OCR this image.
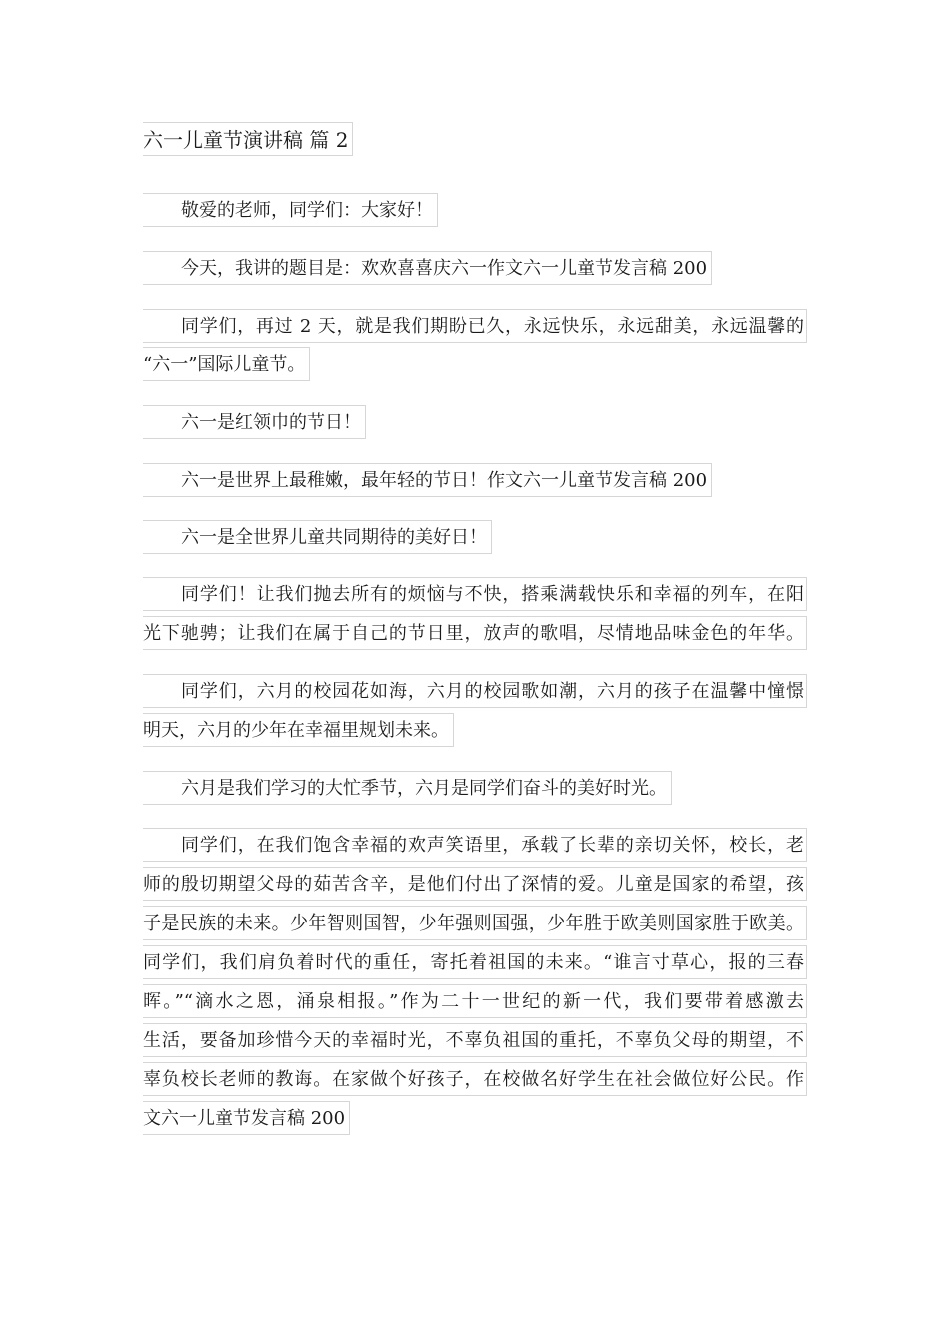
六一儿童节演讲稿 篇 2
敬爱的老师，同学们：大家好！
今天，我讲的题目是：欢欢喜喜庆六一作文六一儿童节发言稿 200
同学们，再过 2 天，就是我们期盼已久，永远快乐，永远甜美，永远温馨的
“六一”国际儿童节。
六一是红领巾的节日！
六一是世界上最稚嫩，最年轻的节日！作文六一儿童节发言稿 200
六一是全世界儿童共同期待的美好日！
同学们！让我们抛去所有的烦恼与不快，搭乘满载快乐和幸福的列车，在阳
光下驰骋；让我们在属于自己的节日里，放声的歌唱，尽情地品味金色的年华。
同学们，六月的校园花如海，六月的校园歌如潮，六月的孩子在温馨中憧憬
明天，六月的少年在幸福里规划未来。
六月是我们学习的大忙季节，六月是同学们奋斗的美好时光。
同学们，在我们饱含幸福的欢声笑语里，承载了长辈的亲切关怀，校长，老
师的殷切期望父母的茹苦含辛，是他们付出了深情的爱。儿童是国家的希望，孩
子是民族的未来。少年智则国智，少年强则国强，少年胜于欧美则国家胜于欧美。
同学们，我们肩负着时代的重任，寄托着祖国的未来。“谁言寸草心，报的三春
晖。”“滴水之恩，涌泉相报。”作为二十一世纪的新一代，我们要带着感激去
生活，要备加珍惜今天的幸福时光，不辜负祖国的重托，不辜负父母的期望，不
辜负校长老师的教诲。在家做个好孩子，在校做名好学生在社会做位好公民。作
文六一儿童节发言稿 200
